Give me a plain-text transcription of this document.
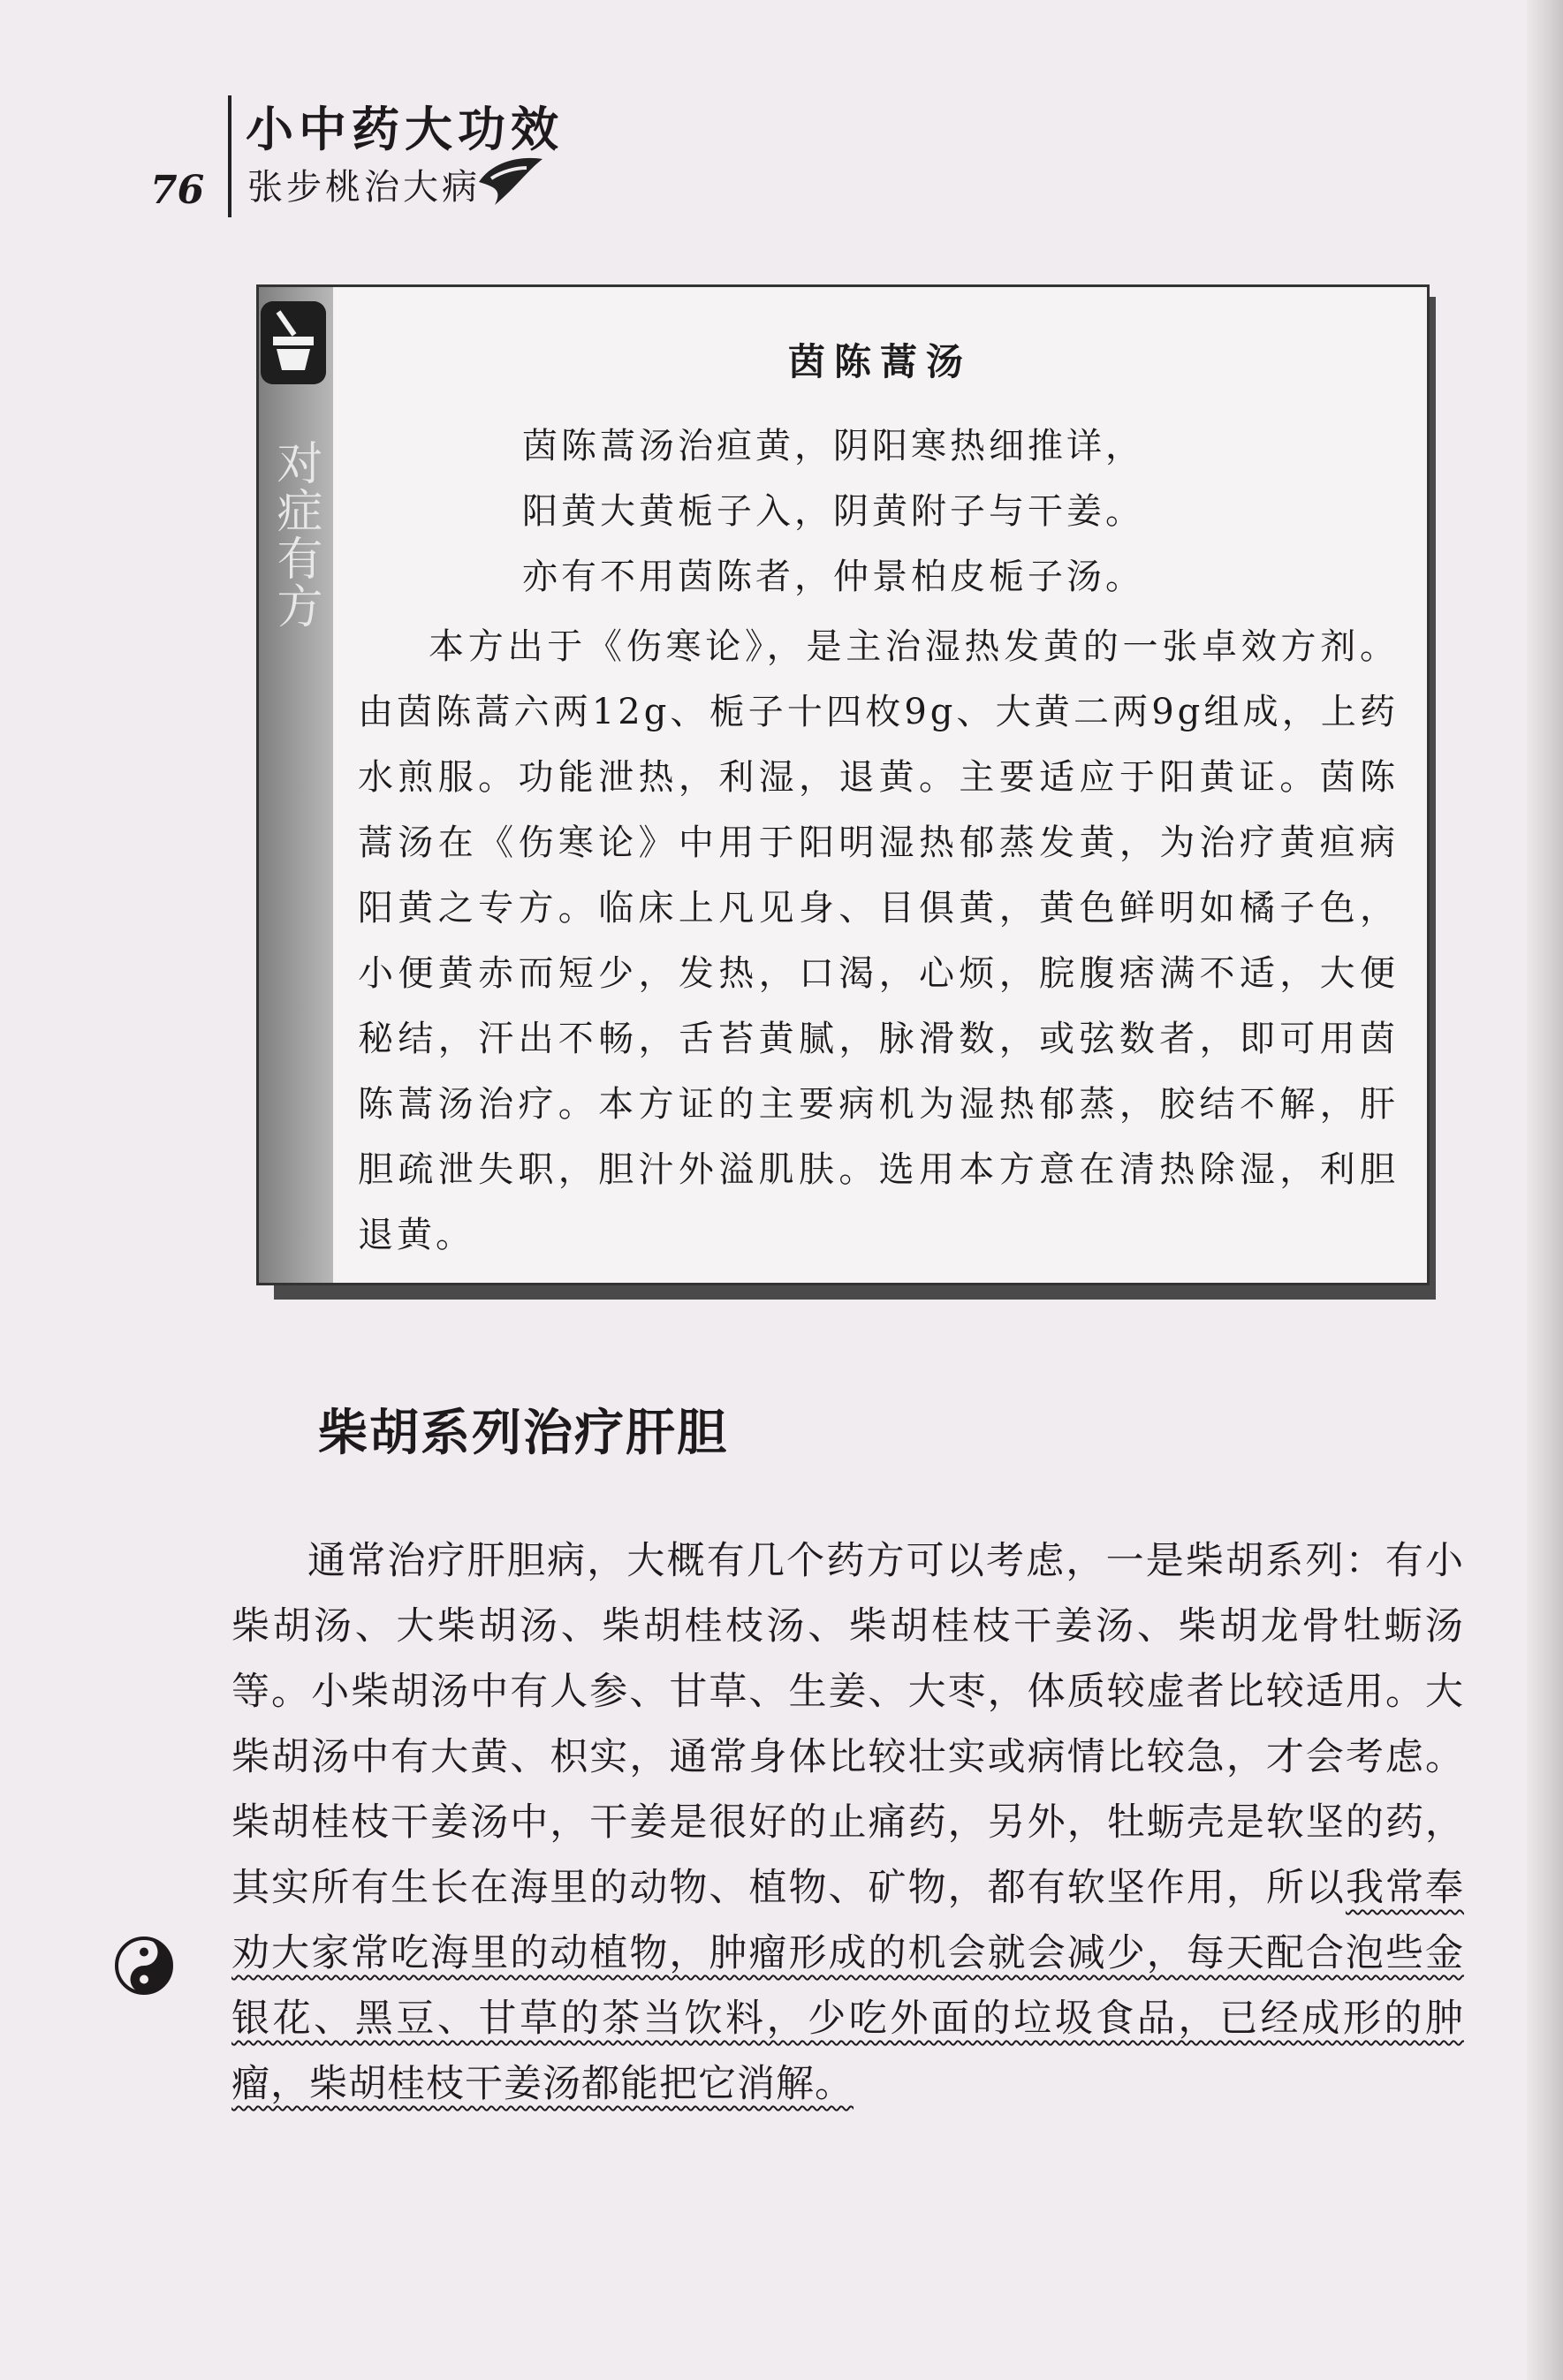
76
小中药大功效
张步桃治大病
对症有方
茵陈蒿汤
茵陈蒿汤治疸黄，阴阳寒热细推详，
阳黄大黄栀子入，阴黄附子与干姜。
亦有不用茵陈者，仲景柏皮栀子汤。

本方出于《伤寒论》，是主治湿热发黄的一张卓效方剂。由茵陈蒿六两12g、栀子十四枚9g、大黄二两9g组成，上药水煎服。功能泄热，利湿，退黄。主要适应于阳黄证。茵陈蒿汤在《伤寒论》中用于阳明湿热郁蒸发黄，为治疗黄疸病阳黄之专方。临床上凡见身、目俱黄，黄色鲜明如橘子色，小便黄赤而短少，发热，口渴，心烦，脘腹痞满不适，大便秘结，汗出不畅，舌苔黄腻，脉滑数，或弦数者，即可用茵陈蒿汤治疗。本方证的主要病机为湿热郁蒸，胶结不解，肝胆疏泄失职，胆汁外溢肌肤。选用本方意在清热除湿，利胆退黄。

柴胡系列治疗肝胆

通常治疗肝胆病，大概有几个药方可以考虑，一是柴胡系列：有小柴胡汤、大柴胡汤、柴胡桂枝汤、柴胡桂枝干姜汤、柴胡龙骨牡蛎汤等。小柴胡汤中有人参、甘草、生姜、大枣，体质较虚者比较适用。大柴胡汤中有大黄、枳实，通常身体比较壮实或病情比较急，才会考虑。柴胡桂枝干姜汤中，干姜是很好的止痛药，另外，牡蛎壳是软坚的药，其实所有生长在海里的动物、植物、矿物，都有软坚作用，所以我常奉劝大家常吃海里的动植物，肿瘤形成的机会就会减少，每天配合泡些金银花、黑豆、甘草的茶当饮料，少吃外面的垃圾食品，已经成形的肿瘤，柴胡桂枝干姜汤都能把它消解。
